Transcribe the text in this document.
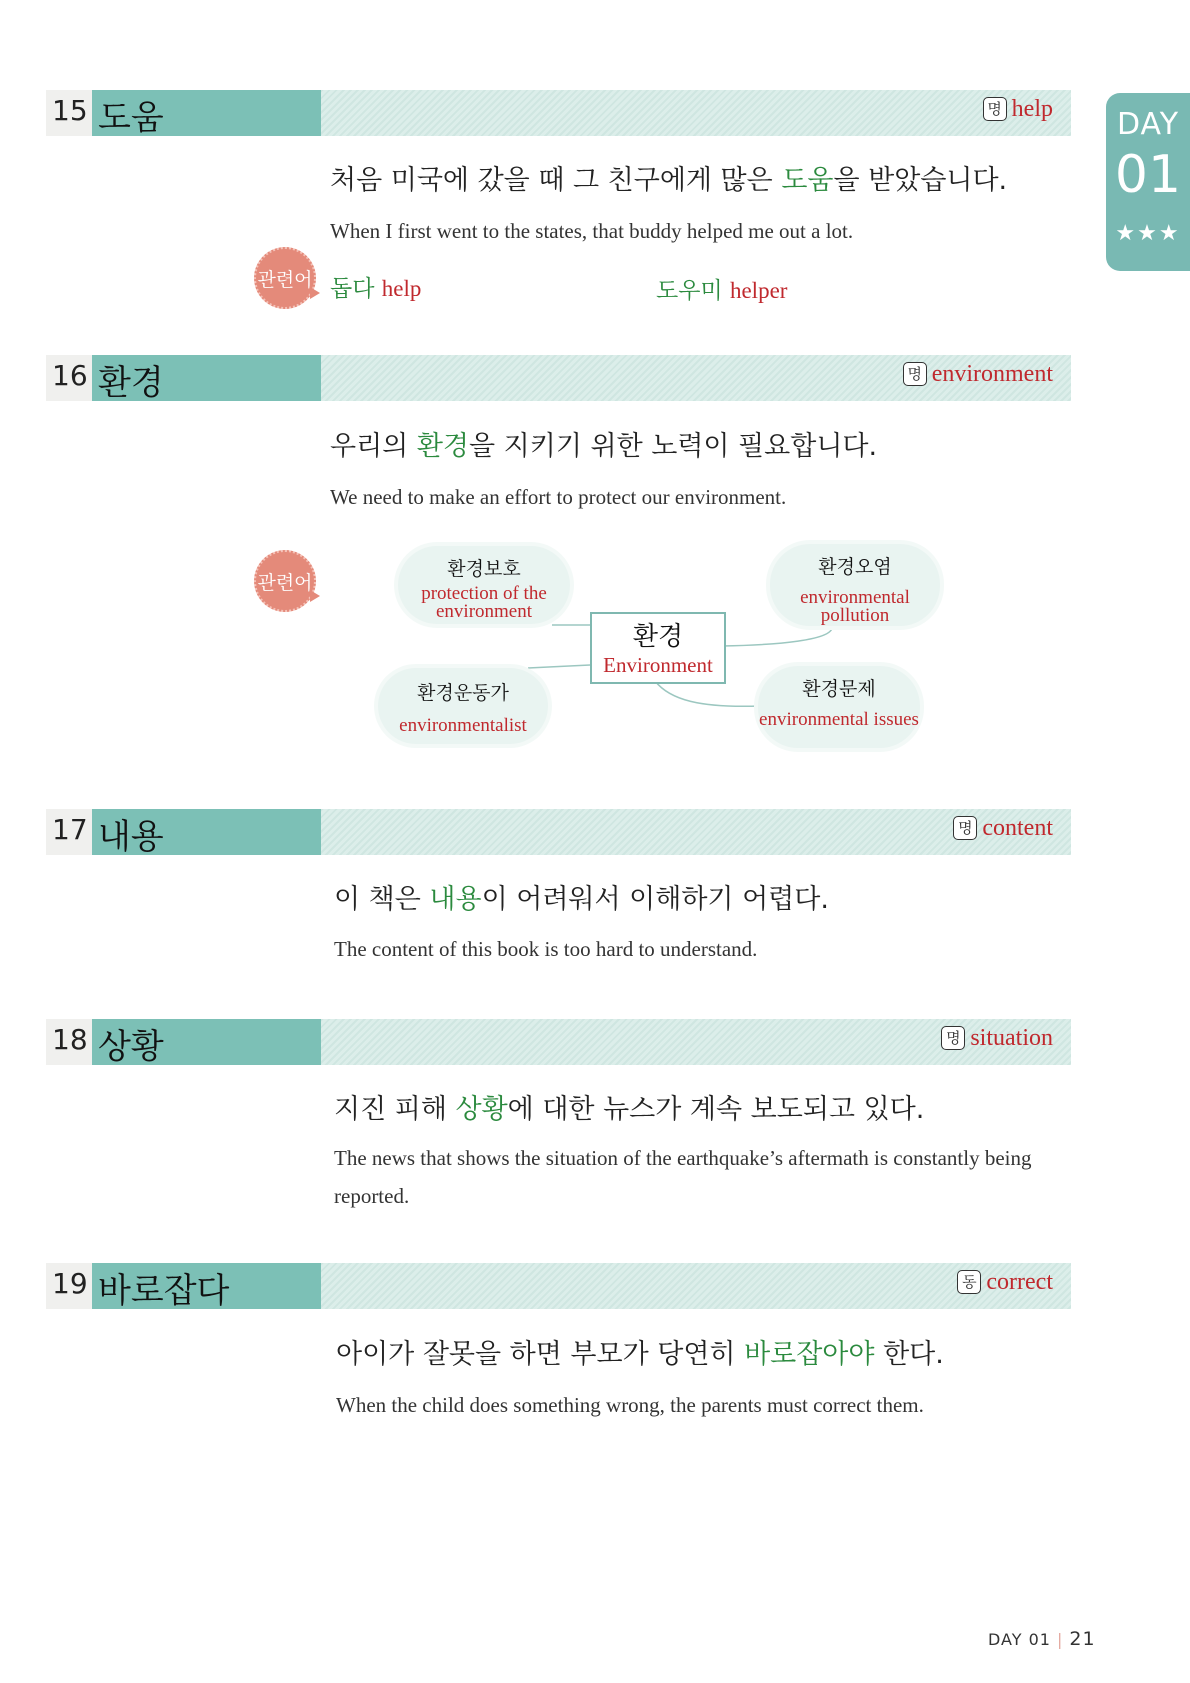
DAY
01
★★★
15 도움	명 help
처음 미국에 갔을 때 그 친구에게 많은 도움을 받았습니다.
When I first went to the states, that buddy helped me out a lot.
관련어 돕다 help	도우미 helper
16 환경	명 environment
우리의 환경을 지키기 위한 노력이 필요합니다.
We need to make an effort to protect our environment.
관련어
환경보호
protection of the environment
환경오염
environmental pollution
환경
Environment
환경운동가
environmentalist
환경문제
environmental issues
17 내용	명 content
이 책은 내용이 어려워서 이해하기 어렵다.
The content of this book is too hard to understand.
18 상황	명 situation
지진 피해 상황에 대한 뉴스가 계속 보도되고 있다.
The news that shows the situation of the earthquake’s aftermath is constantly being reported.
19 바로잡다	동 correct
아이가 잘못을 하면 부모가 당연히 바로잡아야 한다.
When the child does something wrong, the parents must correct them.
DAY 01 | 21
